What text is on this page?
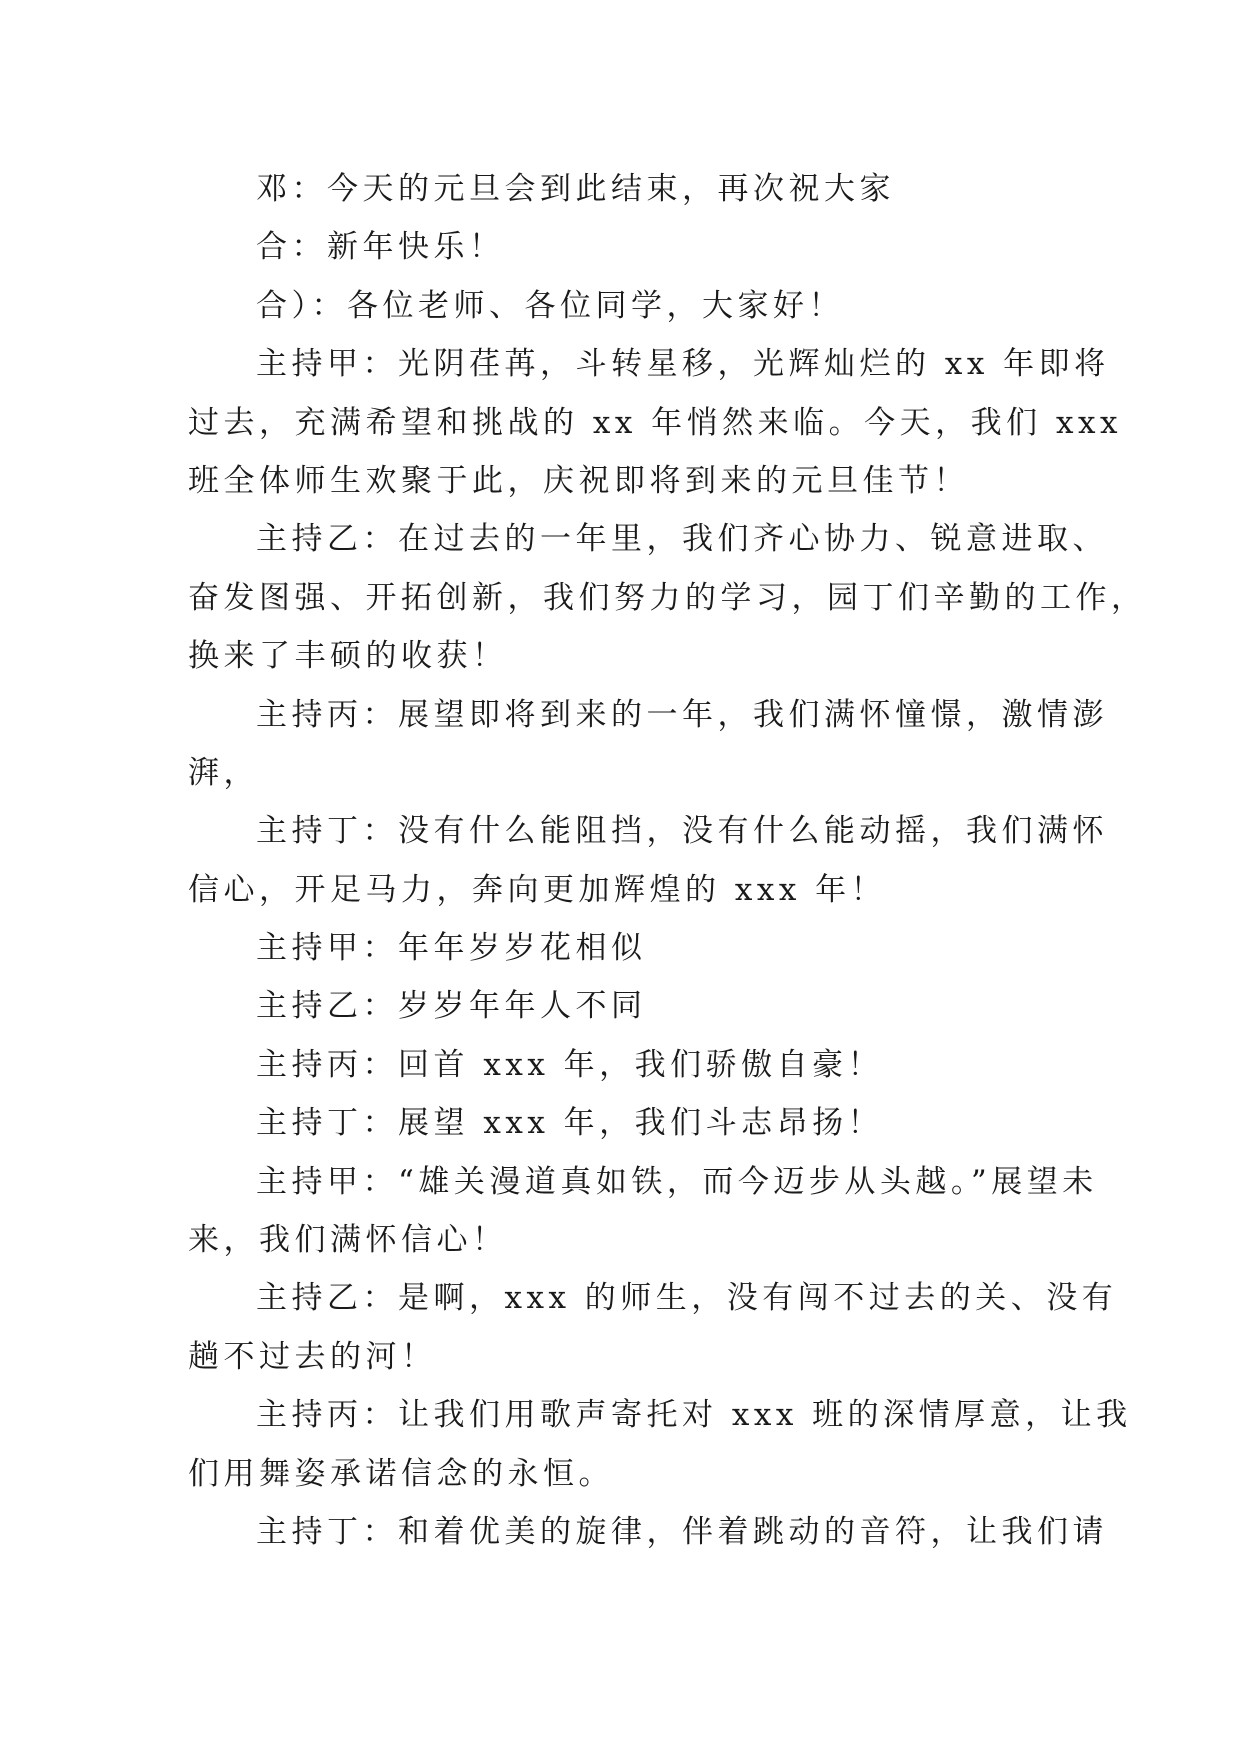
邓：今天的元旦会到此结束，再次祝大家
合：新年快乐！
合）：各位老师、各位同学，大家好！
主持甲：光阴荏苒，斗转星移，光辉灿烂的 xx 年即将
过去，充满希望和挑战的 xx 年悄然来临。今天，我们 xxx
班全体师生欢聚于此，庆祝即将到来的元旦佳节！
主持乙：在过去的一年里，我们齐心协力、锐意进取、
奋发图强、开拓创新，我们努力的学习，园丁们辛勤的工作，
换来了丰硕的收获！
主持丙：展望即将到来的一年，我们满怀憧憬，激情澎
湃，
主持丁：没有什么能阻挡，没有什么能动摇，我们满怀
信心，开足马力，奔向更加辉煌的 xxx 年！
主持甲：年年岁岁花相似
主持乙：岁岁年年人不同
主持丙：回首 xxx 年，我们骄傲自豪！
主持丁：展望 xxx 年，我们斗志昂扬！
主持甲：“雄关漫道真如铁，而今迈步从头越。”展望未
来，我们满怀信心！
主持乙：是啊，xxx 的师生，没有闯不过去的关、没有
趟不过去的河！
主持丙：让我们用歌声寄托对 xxx 班的深情厚意，让我
们用舞姿承诺信念的永恒。
主持丁：和着优美的旋律，伴着跳动的音符，让我们请
